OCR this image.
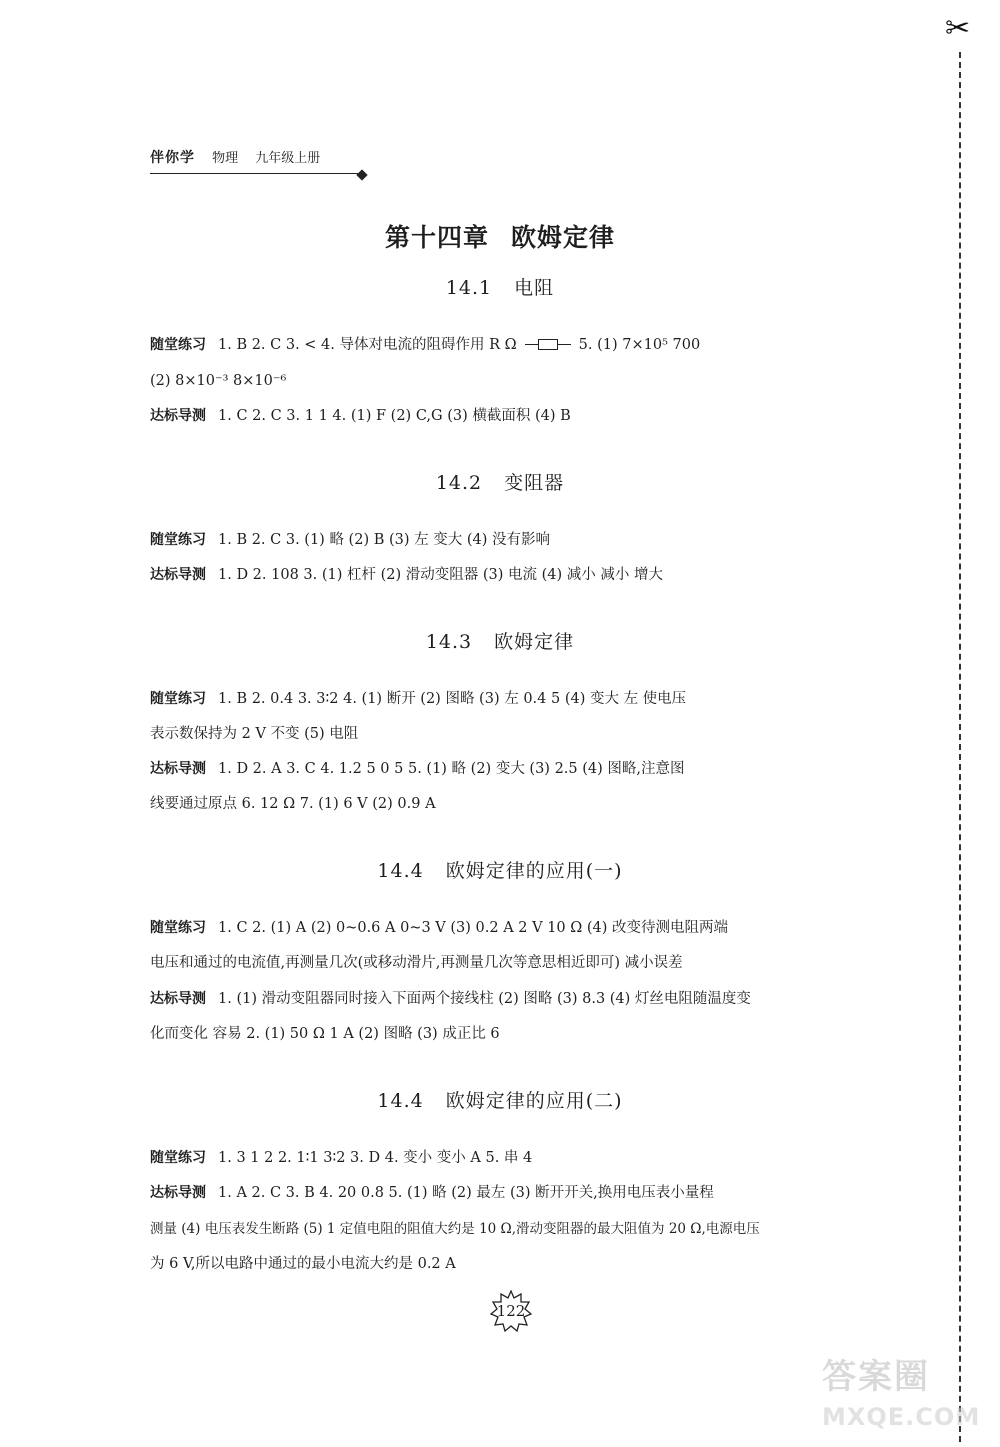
✂
伴你学 物理 九年级上册
第十四章 欧姆定律
14.1 电阻
随堂练习 1. B 2. C 3. < 4. 导体对电流的阻碍作用 R Ω	5. (1) 7×10⁵ 700
(2) 8×10⁻³ 8×10⁻⁶
达标导测 1. C 2. C 3. 1 1 4. (1) F (2) C,G (3) 横截面积 (4) B
14.2 变阻器
随堂练习 1. B 2. C 3. (1) 略 (2) B (3) 左 变大 (4) 没有影响
达标导测 1. D 2. 108 3. (1) 杠杆 (2) 滑动变阻器 (3) 电流 (4) 减小 减小 增大
14.3 欧姆定律
随堂练习 1. B 2. 0.4 3. 3∶2 4. (1) 断开 (2) 图略 (3) 左 0.4 5 (4) 变大 左 使电压
表示数保持为 2 V 不变 (5) 电阻
达标导测 1. D 2. A 3. C 4. 1.2 5 0 5 5. (1) 略 (2) 变大 (3) 2.5 (4) 图略,注意图
线要通过原点 6. 12 Ω 7. (1) 6 V (2) 0.9 A
14.4 欧姆定律的应用(一)
随堂练习 1. C 2. (1) A (2) 0~0.6 A 0~3 V (3) 0.2 A 2 V 10 Ω (4) 改变待测电阻两端
电压和通过的电流值,再测量几次(或移动滑片,再测量几次等意思相近即可) 减小误差
达标导测 1. (1) 滑动变阻器同时接入下面两个接线柱 (2) 图略 (3) 8.3 (4) 灯丝电阻随温度变
化而变化 容易 2. (1) 50 Ω 1 A (2) 图略 (3) 成正比 6
14.4 欧姆定律的应用(二)
随堂练习 1. 3 1 2 2. 1∶1 3∶2 3. D 4. 变小 变小 A 5. 串 4
达标导测 1. A 2. C 3. B 4. 20 0.8 5. (1) 略 (2) 最左 (3) 断开开关,换用电压表小量程
测量 (4) 电压表发生断路 (5) 1 定值电阻的阻值大约是 10 Ω,滑动变阻器的最大阻值为 20 Ω,电源电压
为 6 V,所以电路中通过的最小电流大约是 0.2 A
122
答案圈
MXQE.COM
